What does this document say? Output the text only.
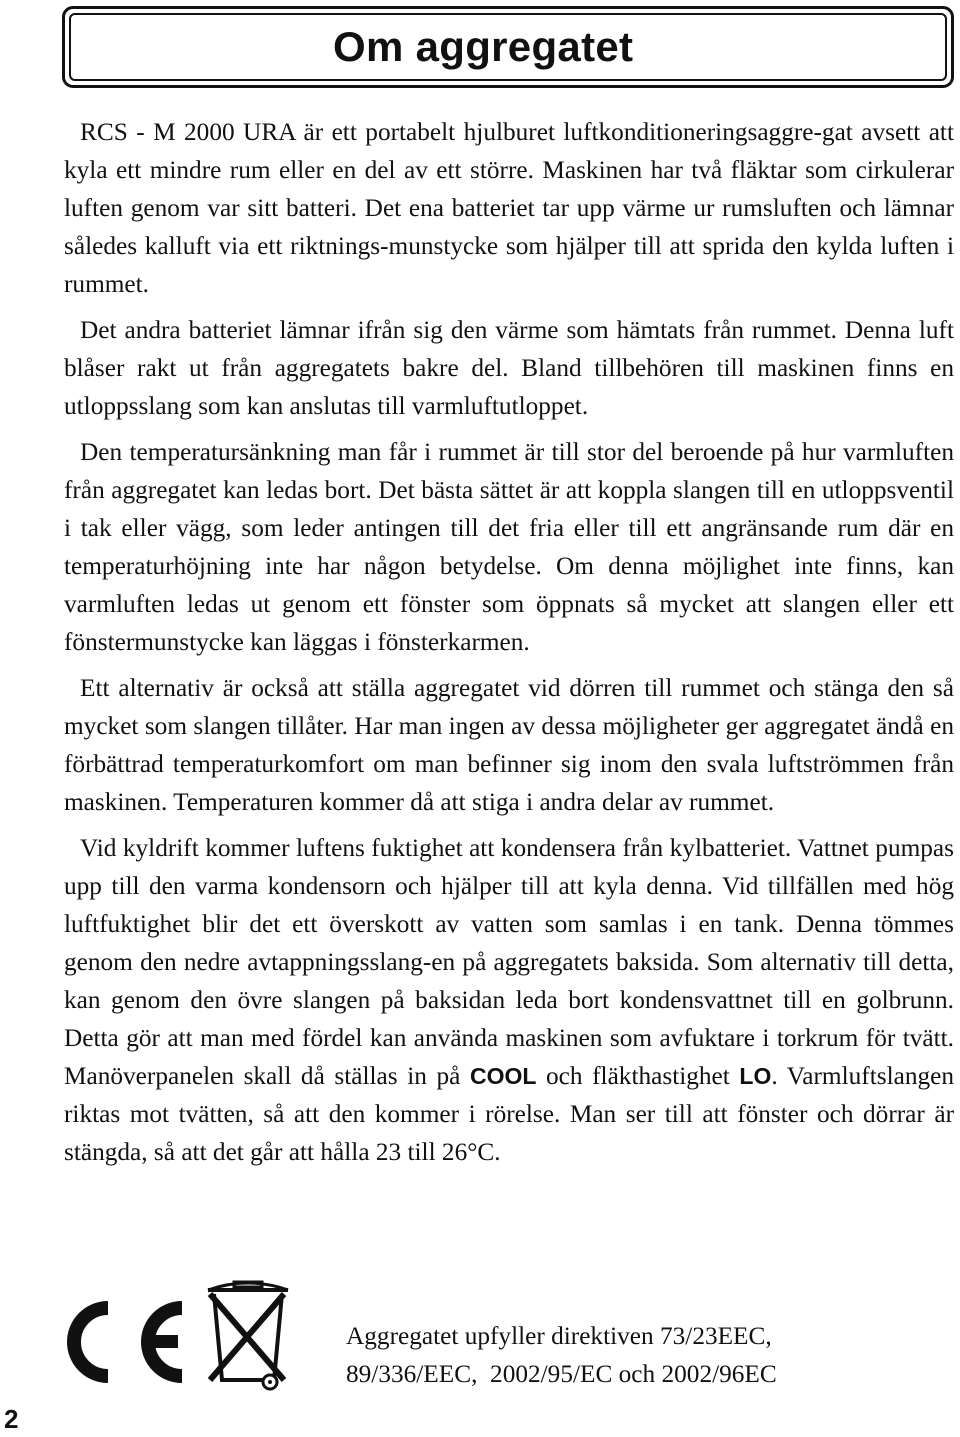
Om aggregatet

RCS - M 2000 URA är ett portabelt hjulburet luftkonditioneringsaggre-gat avsett att kyla ett mindre rum eller en del av ett större. Maskinen har två fläktar som cirkulerar luften genom var sitt batteri. Det ena batteriet tar upp värme ur rumsluften och lämnar således kalluft via ett riktnings-munstycke som hjälper till att sprida den kylda luften i rummet.

Det andra batteriet lämnar ifrån sig den värme som hämtats från rummet. Denna luft blåser rakt ut från aggregatets bakre del. Bland tillbehören till maskinen finns en utloppsslang som kan anslutas till varmluftutloppet.

Den temperatursänkning man får i rummet är till stor del beroende på hur varmluften från aggregatet kan ledas bort. Det bästa sättet är att koppla slangen till en utloppsventil i tak eller vägg, som leder antingen till det fria eller till ett angränsande rum där en temperaturhöjning inte har någon betydelse. Om denna möjlighet inte finns, kan varmluften ledas ut genom ett fönster som öppnats så mycket att slangen eller ett fönstermunstycke kan läggas i fönsterkarmen.

Ett alternativ är också att ställa aggregatet vid dörren till rummet och stänga den så mycket som slangen tillåter. Har man ingen av dessa möjligheter ger aggregatet ändå en förbättrad temperaturkomfort om man befinner sig inom den svala luftströmmen från maskinen. Temperaturen kommer då att stiga i andra delar av rummet.

Vid kyldrift kommer luftens fuktighet att kondensera från kylbatteriet. Vattnet pumpas upp till den varma kondensorn och hjälper till att kyla denna. Vid tillfällen med hög luftfuktighet blir det ett överskott av vatten som samlas i en tank. Denna tömmes genom den nedre avtappningsslang-en på aggregatets baksida. Som alternativ till detta, kan genom den övre slangen på baksidan leda bort kondensvattnet till en golbrunn. Detta gör att man med fördel kan använda maskinen som avfuktare i torkrum för tvätt. Manöverpanelen skall då ställas in på COOL och fläkthastighet LO. Varmluftslangen riktas mot tvätten, så att den kommer i rörelse. Man ser till att fönster och dörrar är stängda, så att det går att hålla 23 till 26°C.

Aggregatet upfyller direktiven 73/23EEC,
89/336/EEC,  2002/95/EC och 2002/96EC

2
